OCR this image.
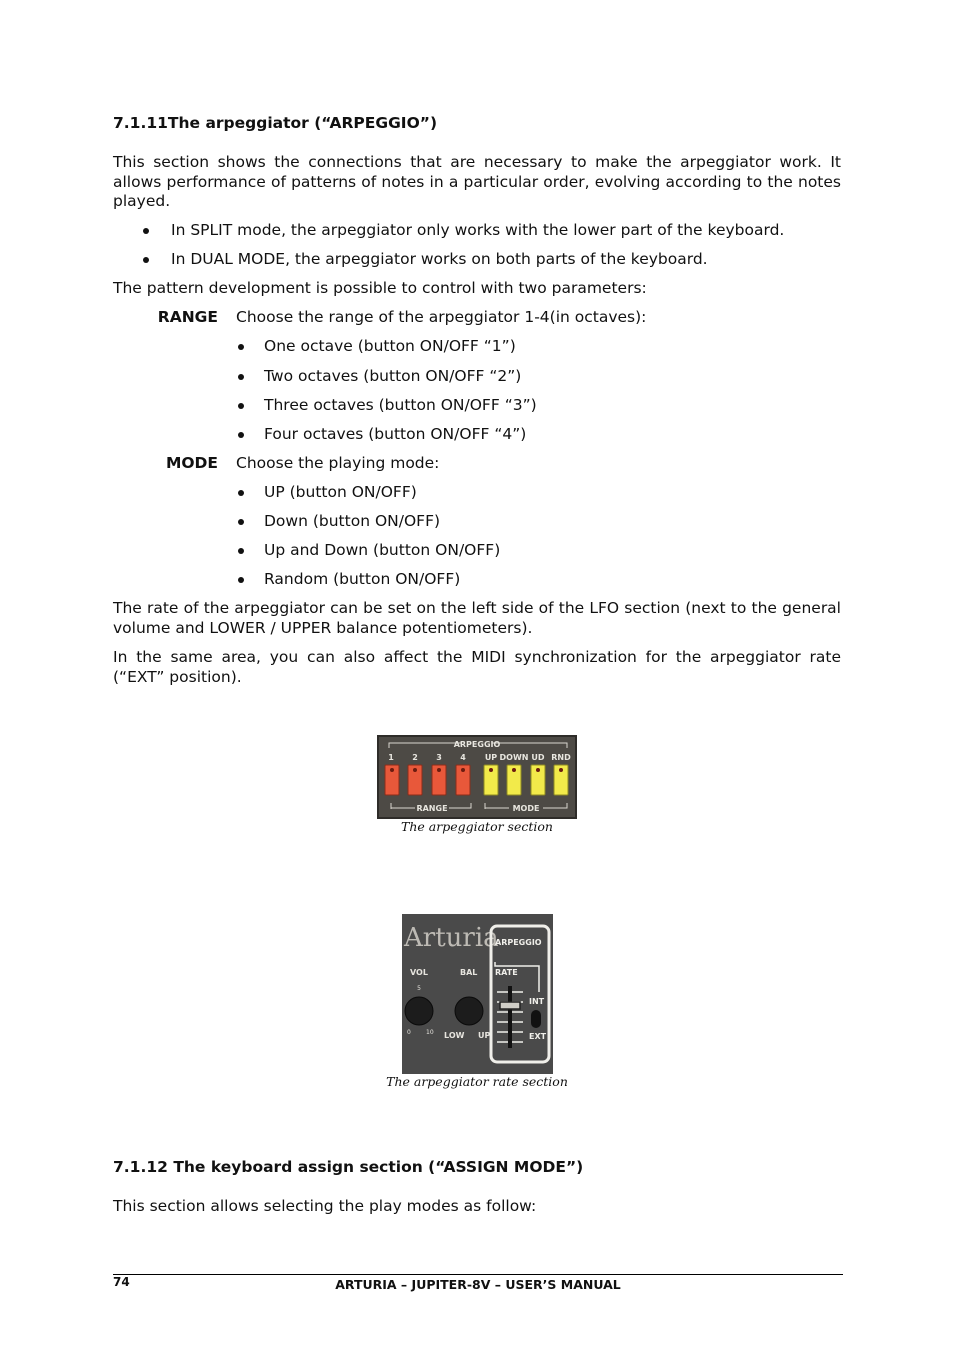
7.1.11The arpeggiator (“ARPEGGIO”)
This section shows the connections that are necessary to make the arpeggiator work. It allows performance of patterns of notes in a particular order, evolving according to the notes played.
In SPLIT mode, the arpeggiator only works with the lower part of the keyboard.
In DUAL MODE, the arpeggiator works on both parts of the keyboard.
The pattern development is possible to control with two parameters:
RANGE Choose the range of the arpeggiator 1-4(in octaves):
One octave (button ON/OFF “1”)
Two octaves (button ON/OFF “2”)
Three octaves (button ON/OFF “3”)
Four octaves (button ON/OFF “4”)
MODE Choose the playing mode:
UP (button ON/OFF)
Down (button ON/OFF)
Up and Down (button ON/OFF)
Random (button ON/OFF)
The rate of the arpeggiator can be set on the left side of the LFO section (next to the general volume and LOWER / UPPER balance potentiometers).
In the same area, you can also affect the MIDI synchronization for the arpeggiator rate (“EXT” position).
ARPEGGIO
1 2 3 4 UP DOWN UD RND
RANGE	MODE
The arpeggiator section
Arturia
VOL	BAL
5
0	10 LOW UP
ARPEGGIO
RATE
INT
EXT
The arpeggiator rate section
7.1.12 The keyboard assign section (“ASSIGN MODE”)
This section allows selecting the play modes as follow:
74	ARTURIA – JUPITER-8V – USER’S MANUAL
